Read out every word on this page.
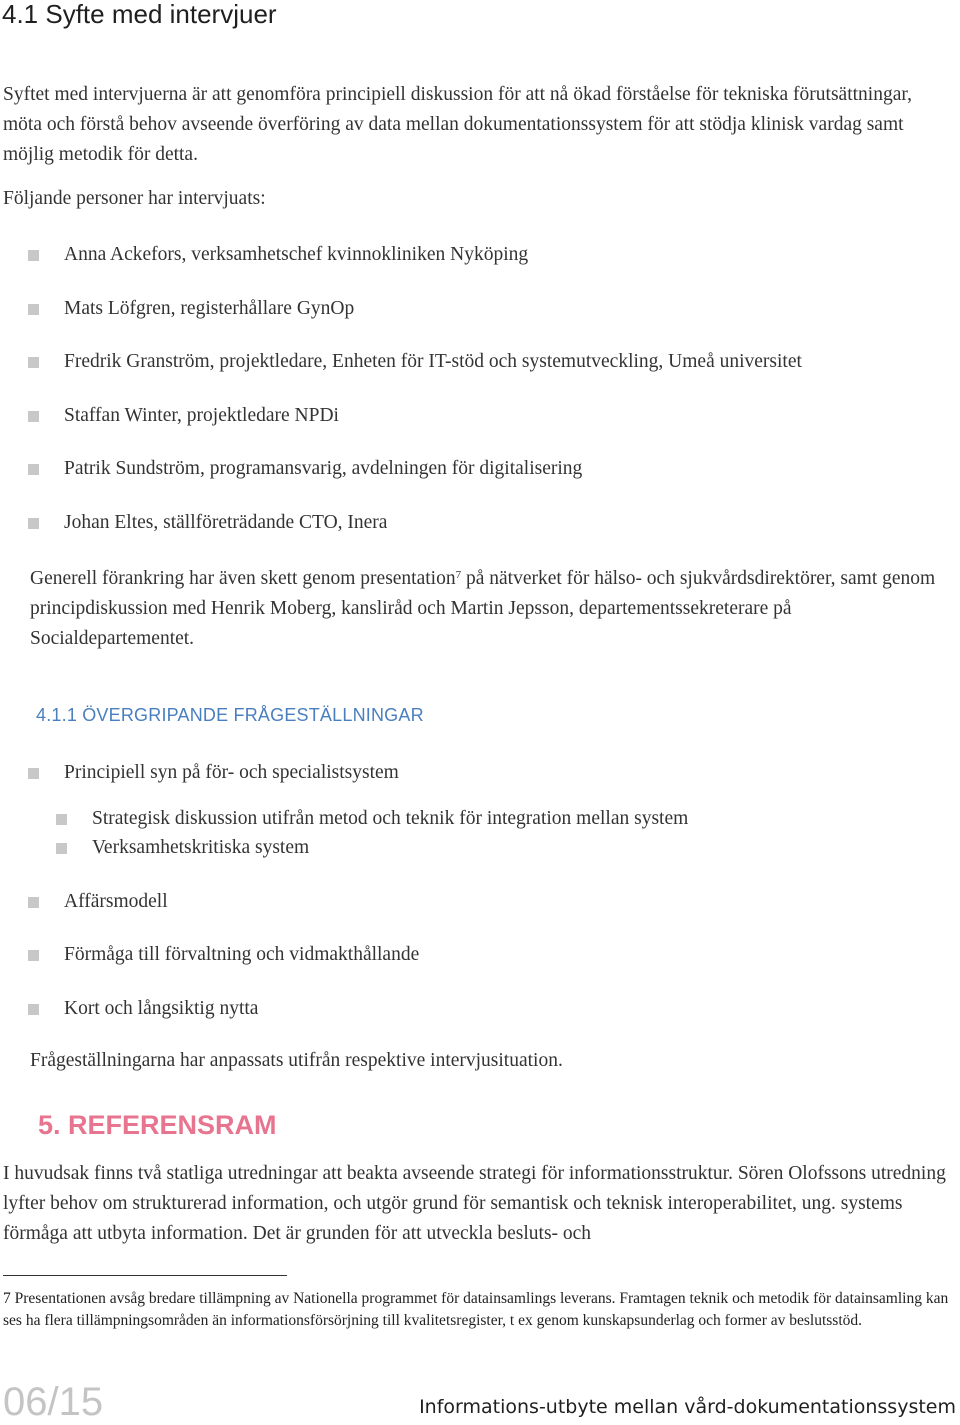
4.1 Syfte med intervjuer
Syftet med intervjuerna är att genomföra principiell diskussion för att nå ökad förståelse för tekniska förutsättningar, möta och förstå behov avseende överföring av data mellan dokumentationssystem för att stödja klinisk vardag samt möjlig metodik för detta.
Följande personer har intervjuats:
Anna Ackefors, verksamhetschef kvinnokliniken Nyköping
Mats Löfgren, registerhållare GynOp
Fredrik Granström, projektledare, Enheten för IT-stöd och systemutveckling, Umeå universitet
Staffan Winter, projektledare NPDi
Patrik Sundström, programansvarig, avdelningen för digitalisering
Johan Eltes, ställföreträdande CTO, Inera
Generell förankring har även skett genom presentation$^7$ på nätverket för hälso- och sjukvårdsdirektörer, samt genom principdiskussion med Henrik Moberg, kansliråd och Martin Jepsson, departementssekreterare på Socialdepartementet.
4.1.1 ÖVERGRIPANDE FRÅGESTÄLLNINGAR
Principiell syn på för- och specialistsystem
Strategisk diskussion utifrån metod och teknik för integration mellan system
Verksamhetskritiska system
Affärsmodell
Förmåga till förvaltning och vidmakthållande
Kort och långsiktig nytta
Frågeställningarna har anpassats utifrån respektive intervjusituation.
5. REFERENSRAM
I huvudsak finns två statliga utredningar att beakta avseende strategi för informationsstruktur. Sören Olofssons utredning lyfter behov om strukturerad information, och utgör grund för semantisk och teknisk interoperabilitet, ung. systems förmåga att utbyta information. Det är grunden för att utveckla besluts- och
7 Presentationen avsåg bredare tillämpning av Nationella programmet för datainsamlings leverans. Framtagen teknik och metodik för datainsamling kan ses ha flera tillämpningsområden än informationsförsörjning till kvalitetsregister, t ex genom kunskapsunderlag och former av beslutsstöd.
06/15	Informations-utbyte mellan vård-dokumentationssystem
